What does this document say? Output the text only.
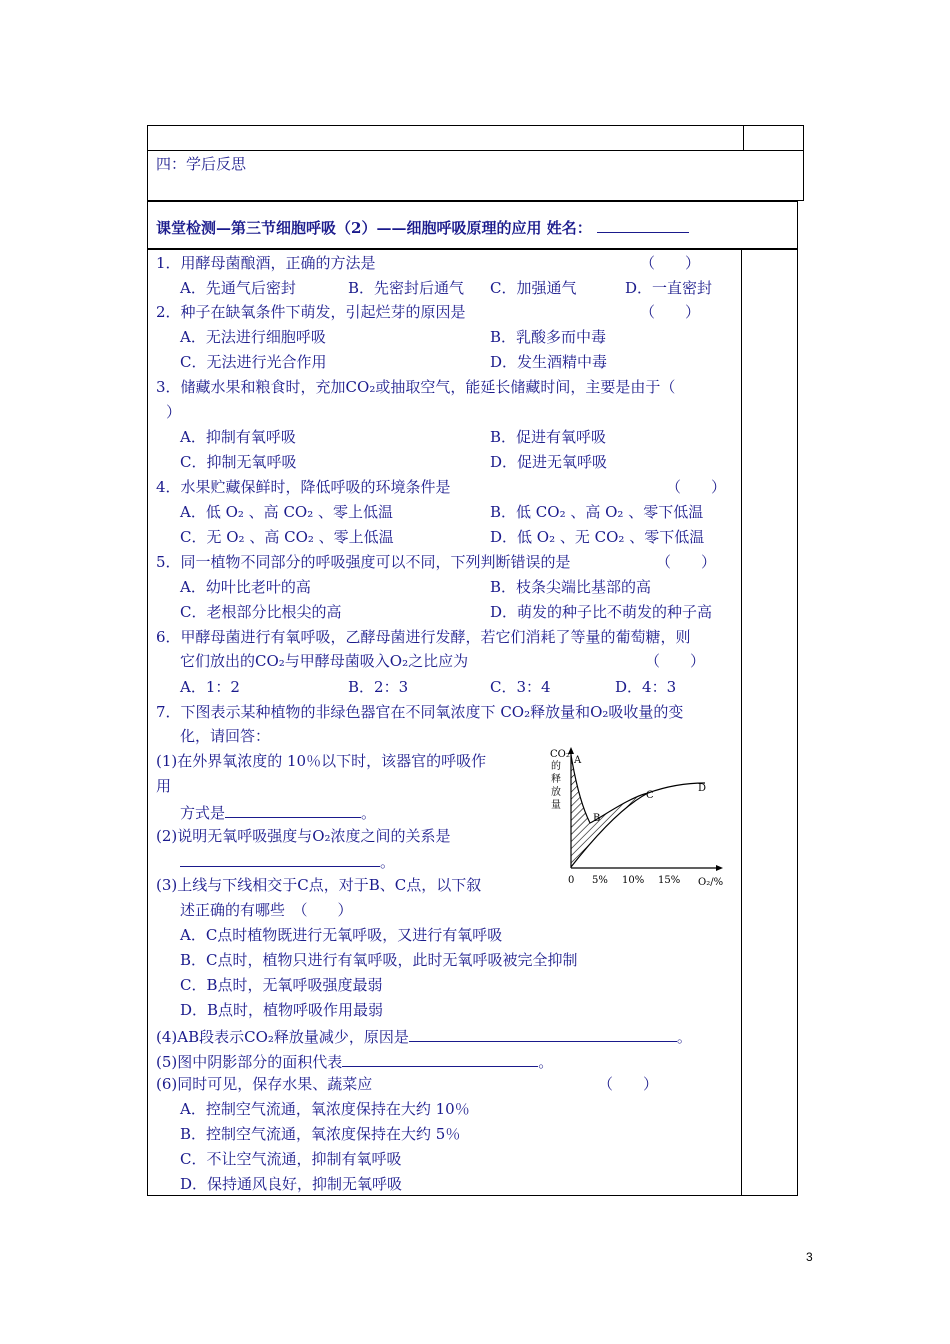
四：学后反思
课堂检测—第三节细胞呼吸（2）——细胞呼吸原理的应用 姓名：
1．用酵母菌酿酒，正确的方法是	（　　）
A．先通气后密封	B．先密封后通气 C．加强通气	D．一直密封
2．种子在缺氧条件下萌发，引起烂芽的原因是	（　　）
A．无法进行细胞呼吸	B．乳酸多而中毒
C．无法进行光合作用	D．发生酒精中毒
3．储藏水果和粮食时，充加CO₂或抽取空气，能延长储藏时间，主要是由于（
）
A．抑制有氧呼吸	B．促进有氧呼吸
C．抑制无氧呼吸	D．促进无氧呼吸
4．水果贮藏保鲜时，降低呼吸的环境条件是	（　　）
A．低 O₂ 、高 CO₂ 、零上低温	B．低 CO₂ 、高 O₂ 、零下低温
C．无 O₂ 、高 CO₂ 、零上低温	D．低 O₂ 、无 CO₂ 、零下低温
5．同一植物不同部分的呼吸强度可以不同，下列判断错误的是	（　　）
A．幼叶比老叶的高	B．枝条尖端比基部的高
C．老根部分比根尖的高	D．萌发的种子比不萌发的种子高
6．甲酵母菌进行有氧呼吸，乙酵母菌进行发酵，若它们消耗了等量的葡萄糖，则
它们放出的CO₂与甲酵母菌吸入O₂之比应为	（　　）
A．1：2	B．2：3	C．3：4	D．4：3
7．下图表示某种植物的非绿色器官在不同氧浓度下 CO₂释放量和O₂吸收量的变
化，请回答：
(1)在外界氧浓度的 10％以下时，该器官的呼吸作
用
方式是	。
(2)说明无氧呼吸强度与O₂浓度之间的关系是
。
(3)上线与下线相交于C点，对于B、C点，以下叙
述正确的有哪些　（　　）
A．C点时植物既进行无氧呼吸，又进行有氧呼吸
B．C点时，植物只进行有氧呼吸，此时无氧呼吸被完全抑制
C．B点时，无氧呼吸强度最弱
D．B点时，植物呼吸作用最弱
(4)AB段表示CO₂释放量减少，原因是	。
(5)图中阴影部分的面积代表	。
(6)同时可见，保存水果、蔬菜应	（　　）
A．控制空气流通，氧浓度保持在大约 10％
B．控制空气流通，氧浓度保持在大约 5％
C．不让空气流通，抑制有氧呼吸
D．保持通风良好，抑制无氧呼吸
CO₂ 的 释 放 量
A
B
C
D
0 5% 10% 15% O₂/%
3
